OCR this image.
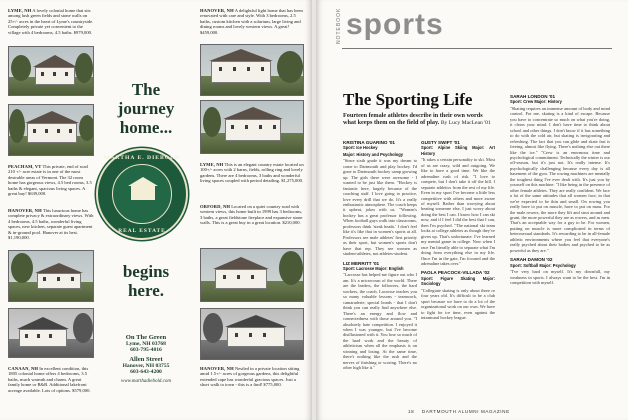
LYME, NH A lovely colonial home that sits among lush green fields and stone walls on 25+/- acres in the heart of Lyme's countryside. Completely private yet convenient to the village with 4 bedrooms, 4.5 baths. $979,000.
PEACHAM, VT This private, end of road 210 +/- acre estate is in one of the most desirable areas of Vermont. The 32 room home has gorgeous views, 4.5 bed rooms, 3.5 baths & elegant, spacious living spaces. A great buy! $639,000.
HANOVER, NH This luxurious home has complete privacy & extraordinary views. With 4 bedrooms, 4.5 baths, wonderful living spaces, new kitchen, separate guest apartment & in-ground pool. Hanover at its best. $1,190,000.
CANAAN, NH In excellent condition, this 1805 colonial home offers 4 bedrooms, 3.5 baths, much warmth and charm. A great family home or B&B. Additional lakefront acreage available. Lots of options. $579,000.
The
journey
home...
MARTHA E. DIEBOLD
REAL ESTATE
begins
here.
On The Green
Lyme, NH 03768
603-795-4816
Allen Street
Hanover, NH 03755
603-643-4200
www.marthadiebold.com
HANOVER, NH A delightful light home that has been renovated with care and style. With 3 bedrooms, 2.5 baths, custom kitchen with a solarium, large living and dining rooms and lovely western views. A great! $459,000.
LYME, NH This is an elegant country estate located on 100+/- acres with 2 barns, fields, rolling ring and lovely gardens. There are 4 bedrooms, 3 baths and wonderful living spaces coupled with period detailing. $1,275,000.
ORFORD, NH Located on a quiet country road with western views, this home built in 1999 has 3 bedrooms, 3 baths, a great fieldstone fireplace and expansive stone walls. This is a great buy in a great location. $210,000.
HANOVER, NH Nestled in a private location sitting amid 1.5+/- acres of gorgeous gardens, this delightful extended cape has wonderful gracious spaces. Just a short walk to town - this is a find! $775,000.
NOTEBOOK sports
The Sporting Life
Fourteen female athletes describe in their own words what keeps them on the field of play. By Lucy MacLean '01
KRISTINA GUARINO '01
Sport: Ice Hockey
Major: History and Psychology
"Since sixth grade it was my dream to come to Dartmouth and play hockey. I'd gone to Dartmouth hockey camp growing up. The girls there were awesome - I wanted to be just like them. "Hockey is fantastic here, largely because of the coaching staff. I love going to practice, love every drill that we do. It's a really enthusiastic atmosphere. The coach keeps it upbeat, jokes with us. "Women's hockey has a great professor following. When football guys walk into classrooms, professors think 'steak heads.' I don't feel like it's like that in women's sports at all. Professors see male athletes' first priority as their sport, but women's sports don't have that rep. They see women as student-athletes, not athletes-student.
LIZ MERRITT '01
Sport: Lacrosse Major: English
"Lacrosse has helped me figure out who I am. It's a microcosm of the world. There are the leaders, the followers, the hard workers, the coach. Lacrosse teaches you so many valuable lessons - teamwork, camaraderie, special bonds - that I don't think you can really find anywhere else. There's an energy and flow and connectedness with those around you. "I absolutely hate competition. I enjoyed it when I was younger, but I've become disillusioned with it. You lose so much of the hard work and the beauty of athleticism when all the emphasis is on winning and losing. At the same time, there's nothing like the rush and the nerves of finishing or scoring. There's no other high like it."
GUSTY SWIFT '01
Sport: Alpine Skiing Major: Art History
"It takes a certain personality to ski. Most of us are crazy, wild and outgoing. We like to have a good time. We like the adrenaline rush of risk. "I love to compete, but I don't take it off the hill. I separate athletics from the rest of my life. Even in my sport I've become a little less competitive with others and more aware of myself. Rather than worrying about beating someone else, I just worry about doing the best I can. I know how I can ski now, and if I feel I did the best that I can, then I'm psyched. "The national ski team looks at college athletes as though they've given up. That's unfortunate. I've learned my mental game in college. Now when I race I'm literally able to separate what I'm doing from everything else in my life. Once I'm in the gate, I'm focused and the adrenaline takes over."
PAOLA PEACOCK-VILLADA '02
Sport: Figure Skating Major: Sociology
"Collegiate skating is only about three or four years old. It's difficult to be a club sport because we have to do a lot of the organizational work on our own. We have to fight for ice time, even against the intramural hockey league.
SARAH LONDON '01
Sport: Crew Major: History
"Skating requires an immense amount of body and mind control. For me, skating is a kind of escape. Because you have to concentrate so much on what you're doing, it clears your mind. I don't have time to think about school and other things. I don't know if it has something to do with the cold air, but skating is invigorating and refreshing. The fact that you can glide and skate fast is freeing, almost like flying. There's nothing else out there like the ice." "Crew is an enormous time and psychological commitment. Technically the winter is our off-season, but it's just not. It's really intense. It's psychologically challenging because every day is all basement of the gym. The rowing machines are mentally the toughest thing I've ever dealt with. It's just you by yourself on this machine. "I like being in the presence of other female athletes. They are really confident. We face a lot of the same attitudes that all women face, in that we're expected to be thin and small. On rowing you really have to put on muscle, have to put on mass. For the male rowers, the more they lift and strut around and grunt, the more powerful they are as rowers, and as men. That's an acceptable way for a guy to be. For women, putting on muscle is more complicated in terms of heterosexual standards. It's rewarding to be in all-female athletic environments where you feel that everyone's really psyched about their bodies and psyched to be as powerful as they are."
SARAH DAMON '02
Sport: Softball Major: Psychology
"I've very hard on myself. It's my downfall, my weakness in sports. I always want to be the best. I'm in competition with myself.
18 DARTMOUTH ALUMNI MAGAZINE
